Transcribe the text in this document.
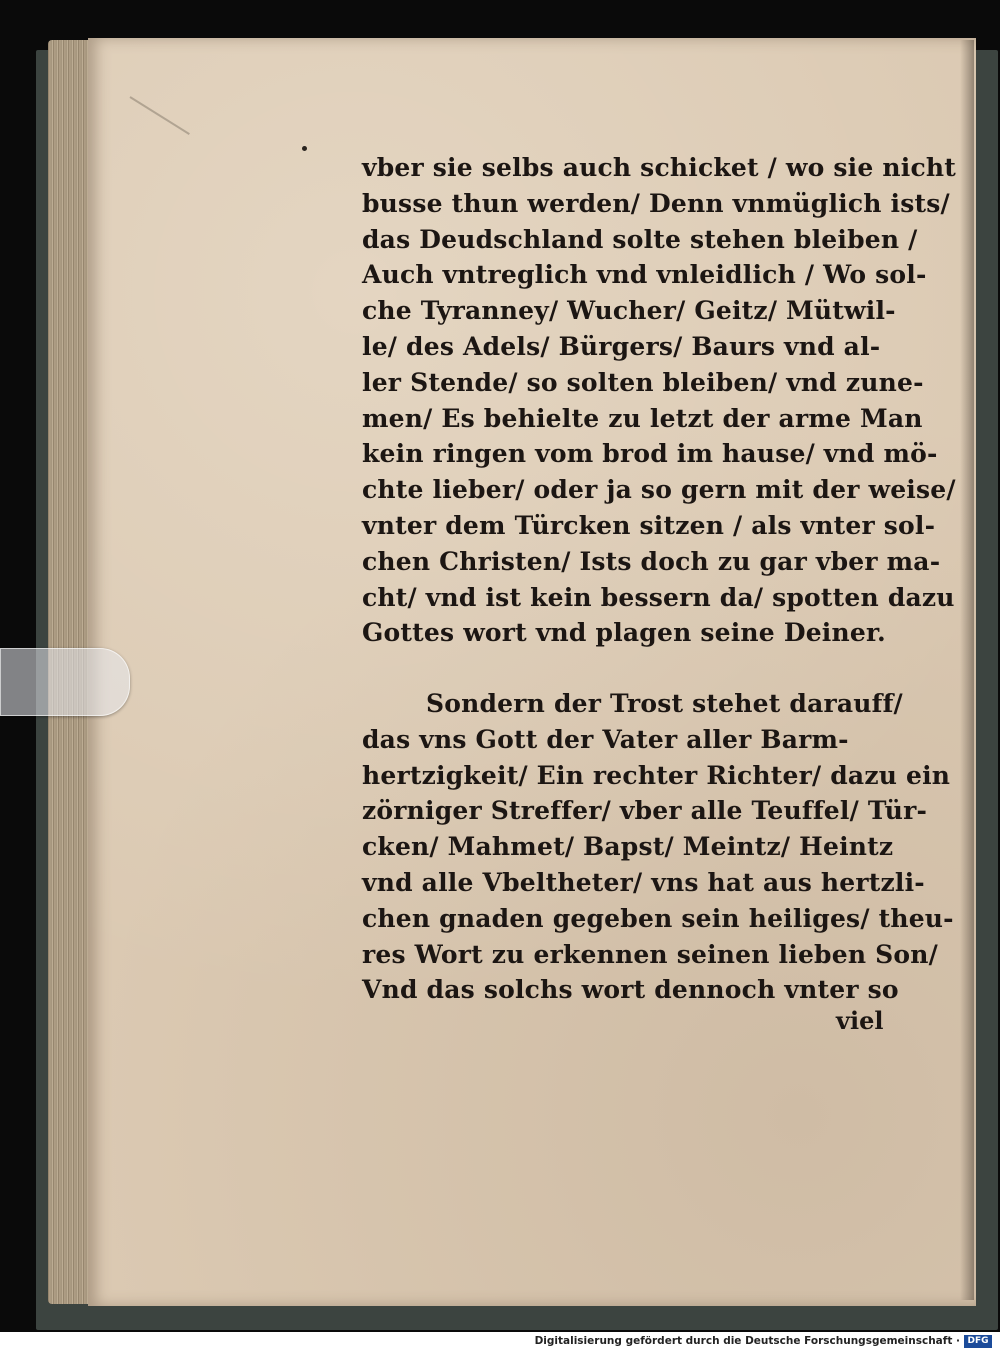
vber sie selbs auch schicket / wo sie nicht
busse thun werden/ Denn vnmüglich ists/
das Deudschland solte stehen bleiben /
Auch vntreglich vnd vnleidlich / Wo sol-
che Tyranney/ Wucher/ Geitz/ Mütwil-
le/ des Adels/ Bürgers/ Baurs vnd al-
ler Stende/ so solten bleiben/ vnd zune-
men/ Es behielte zu letzt der arme Man
kein ringen vom brod im hause/ vnd mö-
chte lieber/ oder ja so gern mit der weise/
vnter dem Türcken sitzen / als vnter sol-
chen Christen/ Ists doch zu gar vber ma-
cht/ vnd ist kein bessern da/ spotten dazu
Gottes wort vnd plagen seine Deiner.
Sondern der Trost stehet darauff/
das vns Gott der Vater aller Barm-
hertzigkeit/ Ein rechter Richter/ dazu ein
zörniger Streffer/ vber alle Teuffel/ Tür-
cken/ Mahmet/ Bapst/ Meintz/ Heintz
vnd alle Vbeltheter/ vns hat aus hertzli-
chen gnaden gegeben sein heiliges/ theu-
res Wort zu erkennen seinen lieben Son/
Vnd das solchs wort dennoch vnter so
viel
Digitalisierung gefördert durch die Deutsche Forschungsgemeinschaft · DFG
